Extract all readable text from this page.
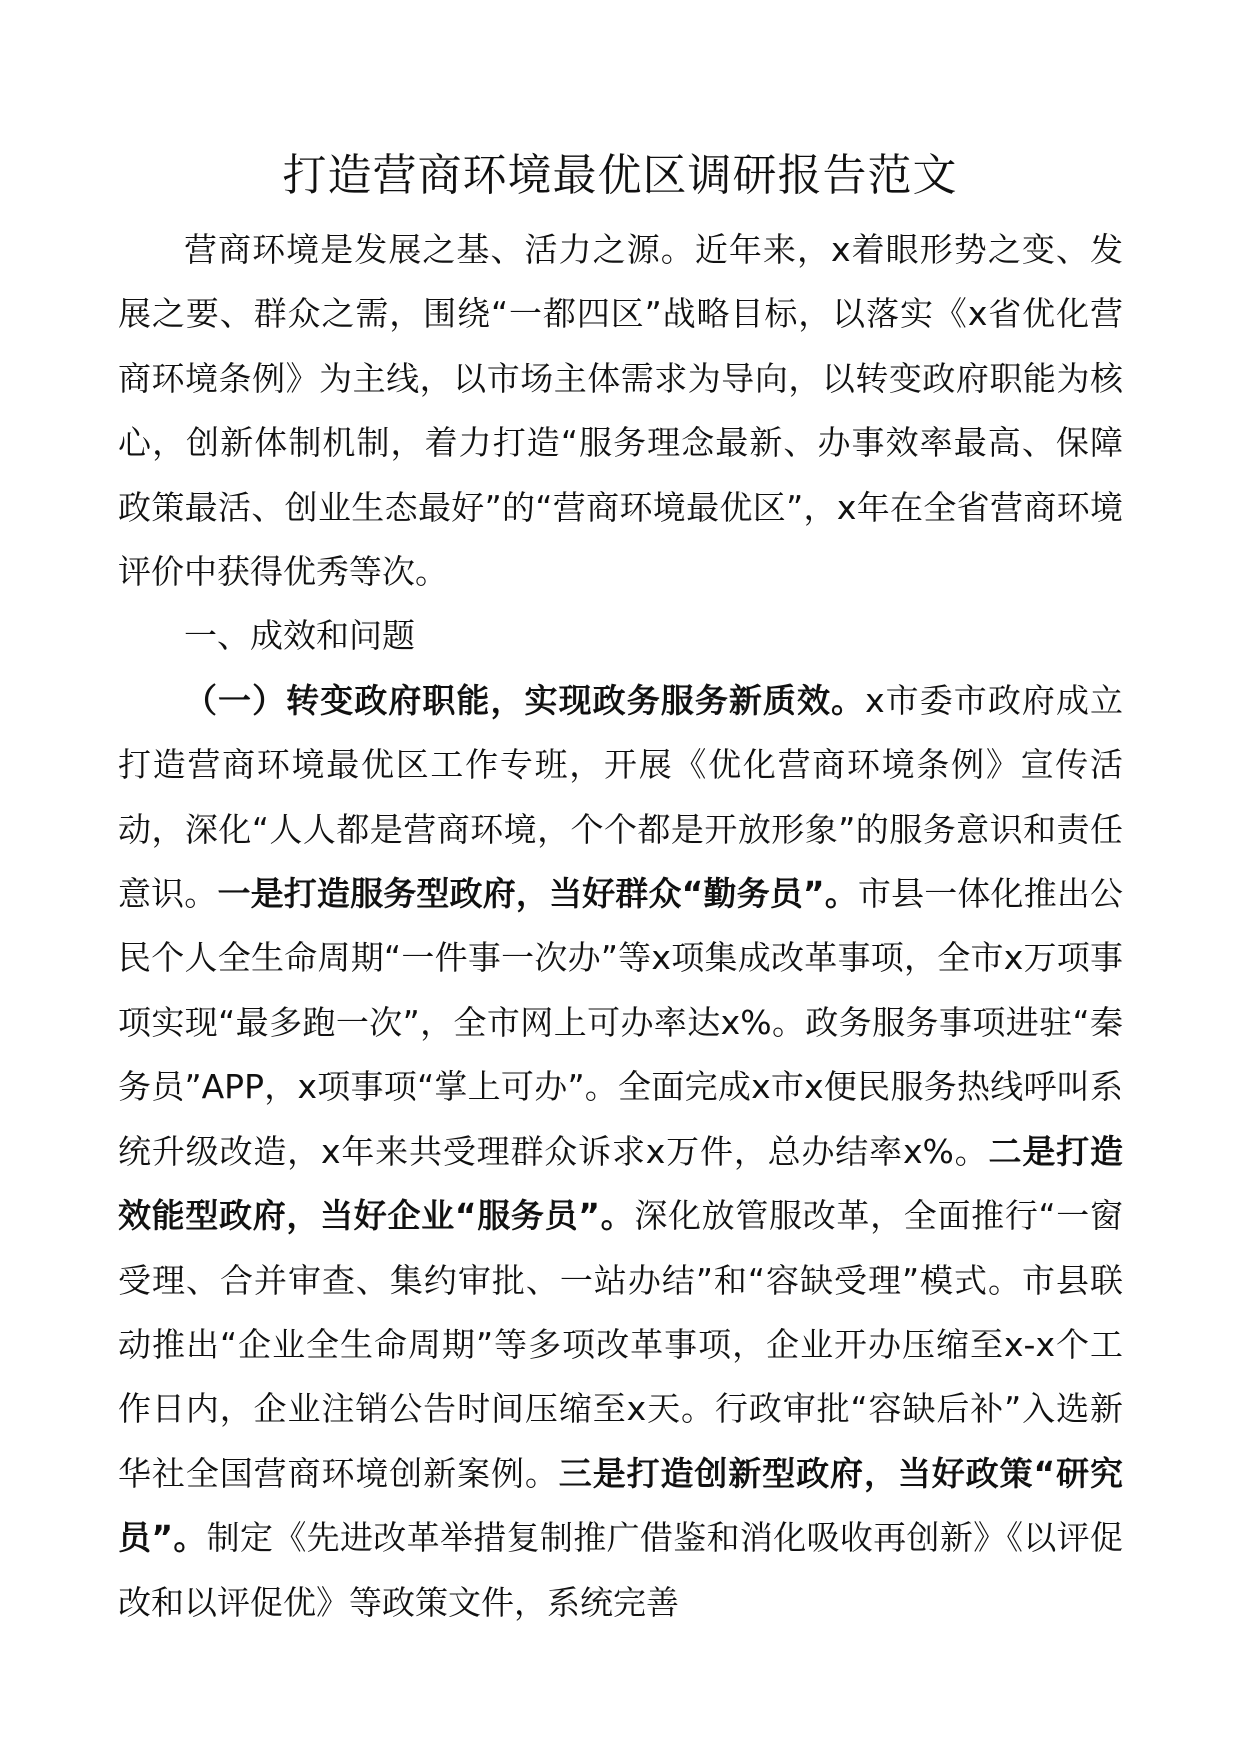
打造营商环境最优区调研报告范文

营商环境是发展之基、活力之源。近年来，x着眼形势之变、发展之要、群众之需，围绕“一都四区”战略目标，以落实《x省优化营商环境条例》为主线，以市场主体需求为导向，以转变政府职能为核心，创新体制机制，着力打造“服务理念最新、办事效率最高、保障政策最活、创业生态最好”的“营商环境最优区”，x年在全省营商环境评价中获得优秀等次。

一、成效和问题

（一）转变政府职能，实现政务服务新质效。x市委市政府成立打造营商环境最优区工作专班，开展《优化营商环境条例》宣传活动，深化“人人都是营商环境，个个都是开放形象”的服务意识和责任意识。一是打造服务型政府，当好群众“勤务员”。市县一体化推出公民个人全生命周期“一件事一次办”等x项集成改革事项，全市x万项事项实现“最多跑一次”，全市网上可办率达x%。政务服务事项进驻“秦务员”APP，x项事项“掌上可办”。全面完成x市x便民服务热线呼叫系统升级改造，x年来共受理群众诉求x万件，总办结率x%。二是打造效能型政府，当好企业“服务员”。深化放管服改革，全面推行“一窗受理、合并审查、集约审批、一站办结”和“容缺受理”模式。市县联动推出“企业全生命周期”等多项改革事项，企业开办压缩至x-x个工作日内，企业注销公告时间压缩至x天。行政审批“容缺后补”入选新华社全国营商环境创新案例。三是打造创新型政府，当好政策“研究员”。制定《先进改革举措复制推广借鉴和消化吸收再创新》《以评促改和以评促优》等政策文件，系统完善
